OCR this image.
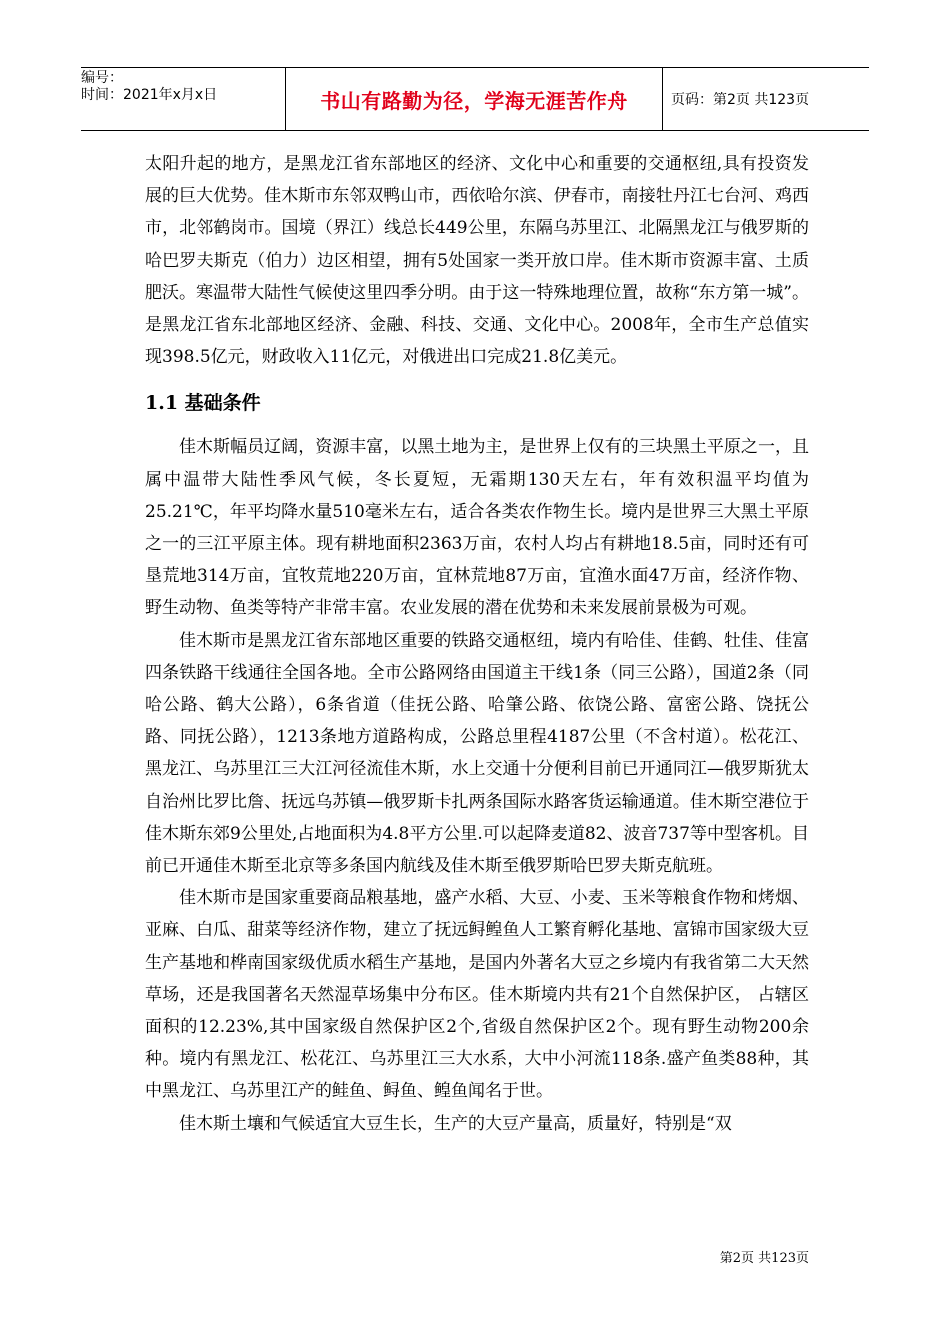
编号：
时间：2021年x月x日	书山有路勤为径，学海无涯苦作舟	页码：第2页 共123页

太阳升起的地方，是黑龙江省东部地区的经济、文化中心和重要的交通枢纽,具有投资发展的巨大优势。佳木斯市东邻双鸭山市，西依哈尔滨、伊春市，南接牡丹江七台河、鸡西市，北邻鹤岗市。国境（界江）线总长449公里，东隔乌苏里江、北隔黑龙江与俄罗斯的哈巴罗夫斯克（伯力）边区相望，拥有5处国家一类开放口岸。佳木斯市资源丰富、土质肥沃。寒温带大陆性气候使这里四季分明。由于这一特殊地理位置，故称“东方第一城”。是黑龙江省东北部地区经济、金融、科技、交通、文化中心。2008年，全市生产总值实现398.5亿元，财政收入11亿元，对俄进出口完成21.8亿美元。

1.1 基础条件

佳木斯幅员辽阔，资源丰富，以黑土地为主，是世界上仅有的三块黑土平原之一，且属中温带大陆性季风气候，冬长夏短，无霜期130天左右，年有效积温平均值为25.21℃，年平均降水量510毫米左右，适合各类农作物生长。境内是世界三大黑土平原之一的三江平原主体。现有耕地面积2363万亩，农村人均占有耕地18.5亩，同时还有可垦荒地314万亩，宜牧荒地220万亩，宜林荒地87万亩，宜渔水面47万亩，经济作物、野生动物、鱼类等特产非常丰富。农业发展的潜在优势和未来发展前景极为可观。

佳木斯市是黑龙江省东部地区重要的铁路交通枢纽，境内有哈佳、佳鹤、牡佳、佳富四条铁路干线通往全国各地。全市公路网络由国道主干线1条（同三公路），国道2条（同哈公路、鹤大公路），6条省道（佳抚公路、哈肇公路、依饶公路、富密公路、饶抚公路、同抚公路），1213条地方道路构成，公路总里程4187公里（不含村道）。松花江、黑龙江、乌苏里江三大江河径流佳木斯，水上交通十分便利目前已开通同江—俄罗斯犹太自治州比罗比詹、抚远乌苏镇—俄罗斯卡扎两条国际水路客货运输通道。佳木斯空港位于佳木斯东郊9公里处,占地面积为4.8平方公里.可以起降麦道82、波音737等中型客机。目前已开通佳木斯至北京等多条国内航线及佳木斯至俄罗斯哈巴罗夫斯克航班。

佳木斯市是国家重要商品粮基地，盛产水稻、大豆、小麦、玉米等粮食作物和烤烟、亚麻、白瓜、甜菜等经济作物，建立了抚远鲟鳇鱼人工繁育孵化基地、富锦市国家级大豆生产基地和桦南国家级优质水稻生产基地，是国内外著名大豆之乡境内有我省第二大天然草场，还是我国著名天然湿草场集中分布区。佳木斯境内共有21个自然保护区， 占辖区面积的12.23%,其中国家级自然保护区2个,省级自然保护区2个。现有野生动物200余种。境内有黑龙江、松花江、乌苏里江三大水系，大中小河流118条.盛产鱼类88种，其中黑龙江、乌苏里江产的鲑鱼、鲟鱼、鳇鱼闻名于世。

佳木斯土壤和气候适宜大豆生长，生产的大豆产量高，质量好，特别是“双

第2页 共123页
